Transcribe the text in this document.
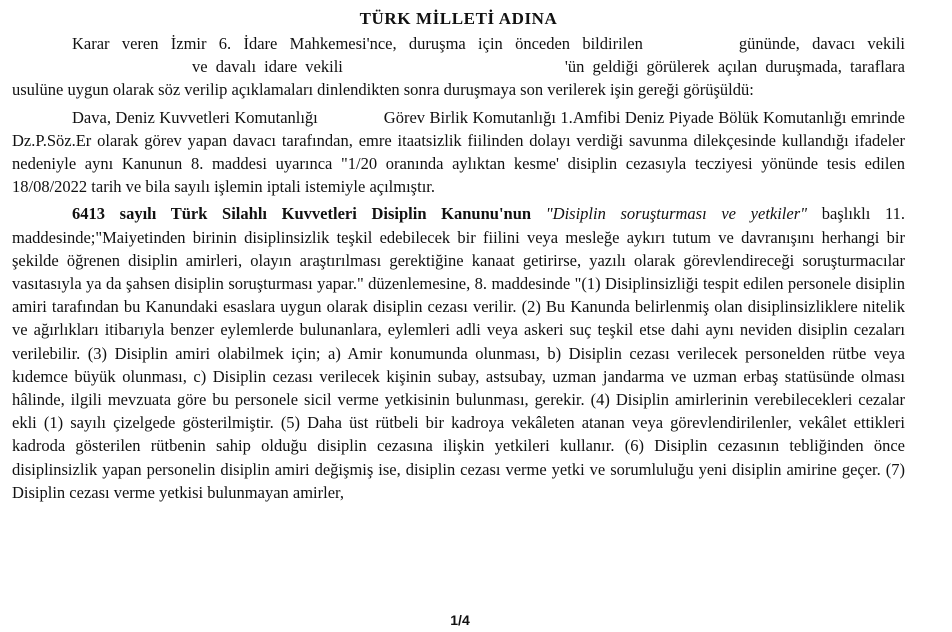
TÜRK MİLLETİ ADINA

Karar veren İzmir 6. İdare Mahkemesi'nce, duruşma için önceden bildirilen	gününde, davacı vekilive davalı idare vekili	'ün geldiği görülerek açılan duruşmada, taraflara usulüne uygun olarak söz verilip açıklamaları dinlendikten sonra duruşmaya son verilerek işin gereği görüşüldü:

Dava, Deniz Kuvvetleri Komutanlığı	Görev Birlik Komutanlığı 1.Amfibi Deniz Piyade Bölük Komutanlığı emrinde Dz.P.Söz.Er olarak görev yapan davacı tarafından, emre itaatsizlik fiilinden dolayı verdiği savunma dilekçesinde kullandığı ifadeler nedeniyle aynı Kanunun 8. maddesi uyarınca "1/20 oranında aylıktan kesme' disiplin cezasıyla tecziyesi yönünde tesis edilen 18/08/2022 tarih ve bila sayılı işlemin iptali istemiyle açılmıştır.

6413 sayılı Türk Silahlı Kuvvetleri Disiplin Kanunu'nun "Disiplin soruşturması ve yetkiler" başlıklı 11. maddesinde;"Maiyetinden birinin disiplinsizlik teşkil edebilecek bir fiilini veya mesleğe aykırı tutum ve davranışını herhangi bir şekilde öğrenen disiplin amirleri, olayın araştırılması gerektiğine kanaat getirirse, yazılı olarak görevlendireceği soruşturmacılar vasıtasıyla ya da şahsen disiplin soruşturması yapar." düzenlemesine, 8. maddesinde "(1) Disiplinsizliği tespit edilen personele disiplin amiri tarafından bu Kanundaki esaslara uygun olarak disiplin cezası verilir. (2) Bu Kanunda belirlenmiş olan disiplinsizliklere nitelik ve ağırlıkları itibarıyla benzer eylemlerde bulunanlara, eylemleri adli veya askeri suç teşkil etse dahi aynı neviden disiplin cezaları verilebilir. (3) Disiplin amiri olabilmek için; a) Amir konumunda olunması, b) Disiplin cezası verilecek personelden rütbe veya kıdemce büyük olunması, c) Disiplin cezası verilecek kişinin subay, astsubay, uzman jandarma ve uzman erbaş statüsünde olması hâlinde, ilgili mevzuata göre bu personele sicil verme yetkisinin bulunması, gerekir. (4) Disiplin amirlerinin verebilecekleri cezalar ekli (1) sayılı çizelgede gösterilmiştir. (5) Daha üst rütbeli bir kadroya vekâleten atanan veya görevlendirilenler, vekâlet ettikleri kadroda gösterilen rütbenin sahip olduğu disiplin cezasına ilişkin yetkileri kullanır. (6) Disiplin cezasının tebliğinden önce disiplinsizlik yapan personelin disiplin amiri değişmiş ise, disiplin cezası verme yetki ve sorumluluğu yeni disiplin amirine geçer. (7) Disiplin cezası verme yetkisi bulunmayan amirler,

1/4
